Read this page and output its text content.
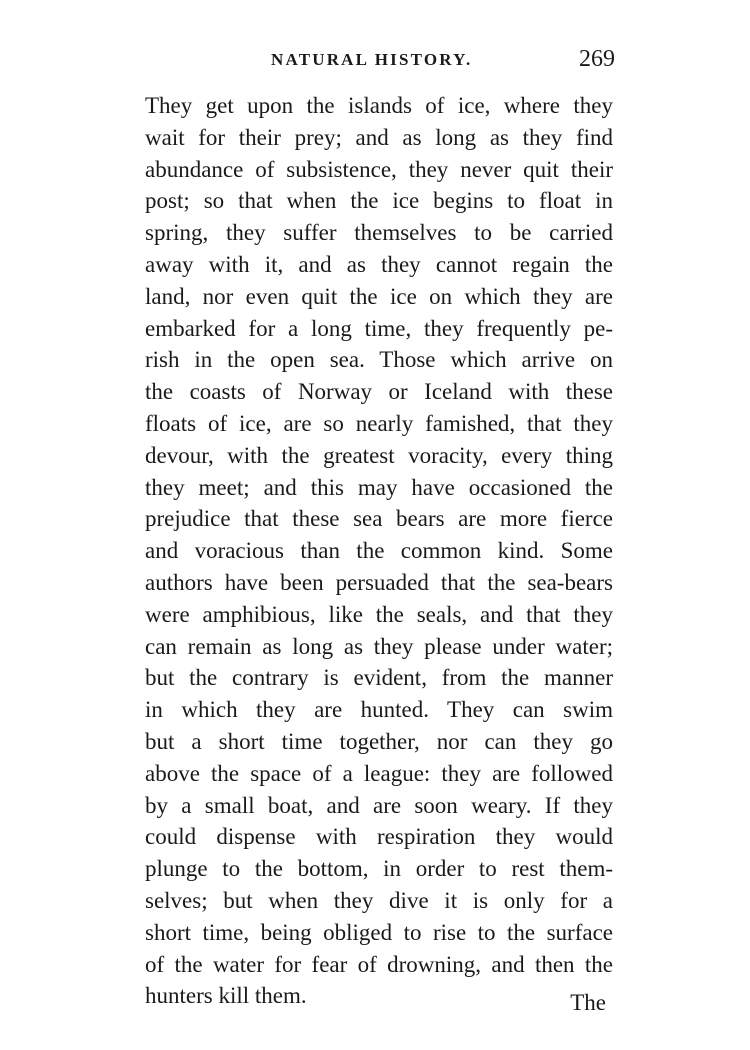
NATURAL HISTORY.	269
They get upon the islands of ice, where they
wait for their prey; and as long as they find
abundance of subsistence, they never quit their
post; so that when the ice begins to float in
spring, they suffer themselves to be carried
away with it, and as they cannot regain the
land, nor even quit the ice on which they are
embarked for a long time, they frequently pe-
rish in the open sea. Those which arrive on
the coasts of Norway or Iceland with these
floats of ice, are so nearly famished, that they
devour, with the greatest voracity, every thing
they meet; and this may have occasioned the
prejudice that these sea bears are more fierce
and voracious than the common kind. Some
authors have been persuaded that the sea-bears
were amphibious, like the seals, and that they
can remain as long as they please under water;
but the contrary is evident, from the manner
in which they are hunted. They can swim
but a short time together, nor can they go
above the space of a league: they are followed
by a small boat, and are soon weary. If they
could dispense with respiration they would
plunge to the bottom, in order to rest them-
selves; but when they dive it is only for a
short time, being obliged to rise to the surface
of the water for fear of drowning, and then the
hunters kill them.	The
